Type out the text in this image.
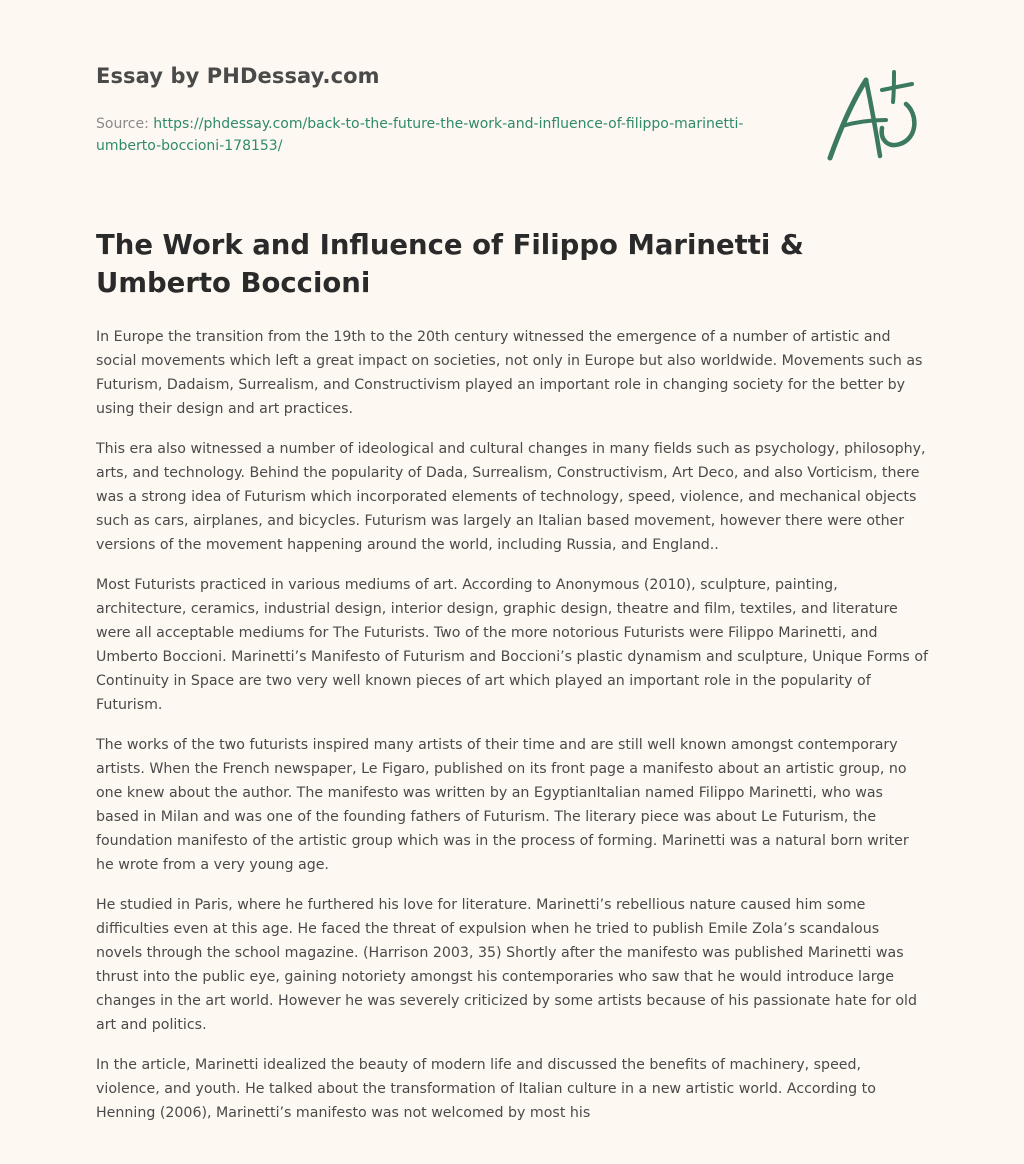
Essay by PHDessay.com
Source: https://phdessay.com/back-to-the-future-the-work-and-influence-of-filippo-marinetti-umberto-boccioni-178153/
The Work and Influence of Filippo Marinetti & Umberto Boccioni

In Europe the transition from the 19th to the 20th century witnessed the emergence of a number of artistic and social movements which left a great impact on societies, not only in Europe but also worldwide. Movements such as Futurism, Dadaism, Surrealism, and Constructivism played an important role in changing society for the better by using their design and art practices.

This era also witnessed a number of ideological and cultural changes in many fields such as psychology, philosophy, arts, and technology. Behind the popularity of Dada, Surrealism, Constructivism, Art Deco, and also Vorticism, there was a strong idea of Futurism which incorporated elements of technology, speed, violence, and mechanical objects such as cars, airplanes, and bicycles. Futurism was largely an Italian based movement, however there were other versions of the movement happening around the world, including Russia, and England..

Most Futurists practiced in various mediums of art. According to Anonymous (2010), sculpture, painting, architecture, ceramics, industrial design, interior design, graphic design, theatre and film, textiles, and literature were all acceptable mediums for The Futurists. Two of the more notorious Futurists were Filippo Marinetti, and Umberto Boccioni. Marinetti’s Manifesto of Futurism and Boccioni’s plastic dynamism and sculpture, Unique Forms of Continuity in Space are two very well known pieces of art which played an important role in the popularity of Futurism.

The works of the two futurists inspired many artists of their time and are still well known amongst contemporary artists. When the French newspaper, Le Figaro, published on its front page a manifesto about an artistic group, no one knew about the author. The manifesto was written by an EgyptianItalian named Filippo Marinetti, who was based in Milan and was one of the founding fathers of Futurism. The literary piece was about Le Futurism, the foundation manifesto of the artistic group which was in the process of forming. Marinetti was a natural born writer he wrote from a very young age.

He studied in Paris, where he furthered his love for literature. Marinetti’s rebellious nature caused him some difficulties even at this age. He faced the threat of expulsion when he tried to publish Emile Zola’s scandalous novels through the school magazine. (Harrison 2003, 35) Shortly after the manifesto was published Marinetti was thrust into the public eye, gaining notoriety amongst his contemporaries who saw that he would introduce large changes in the art world. However he was severely criticized by some artists because of his passionate hate for old art and politics.

In the article, Marinetti idealized the beauty of modern life and discussed the benefits of machinery, speed, violence, and youth. He talked about the transformation of Italian culture in a new artistic world. According to Henning (2006), Marinetti’s manifesto was not welcomed by most his
